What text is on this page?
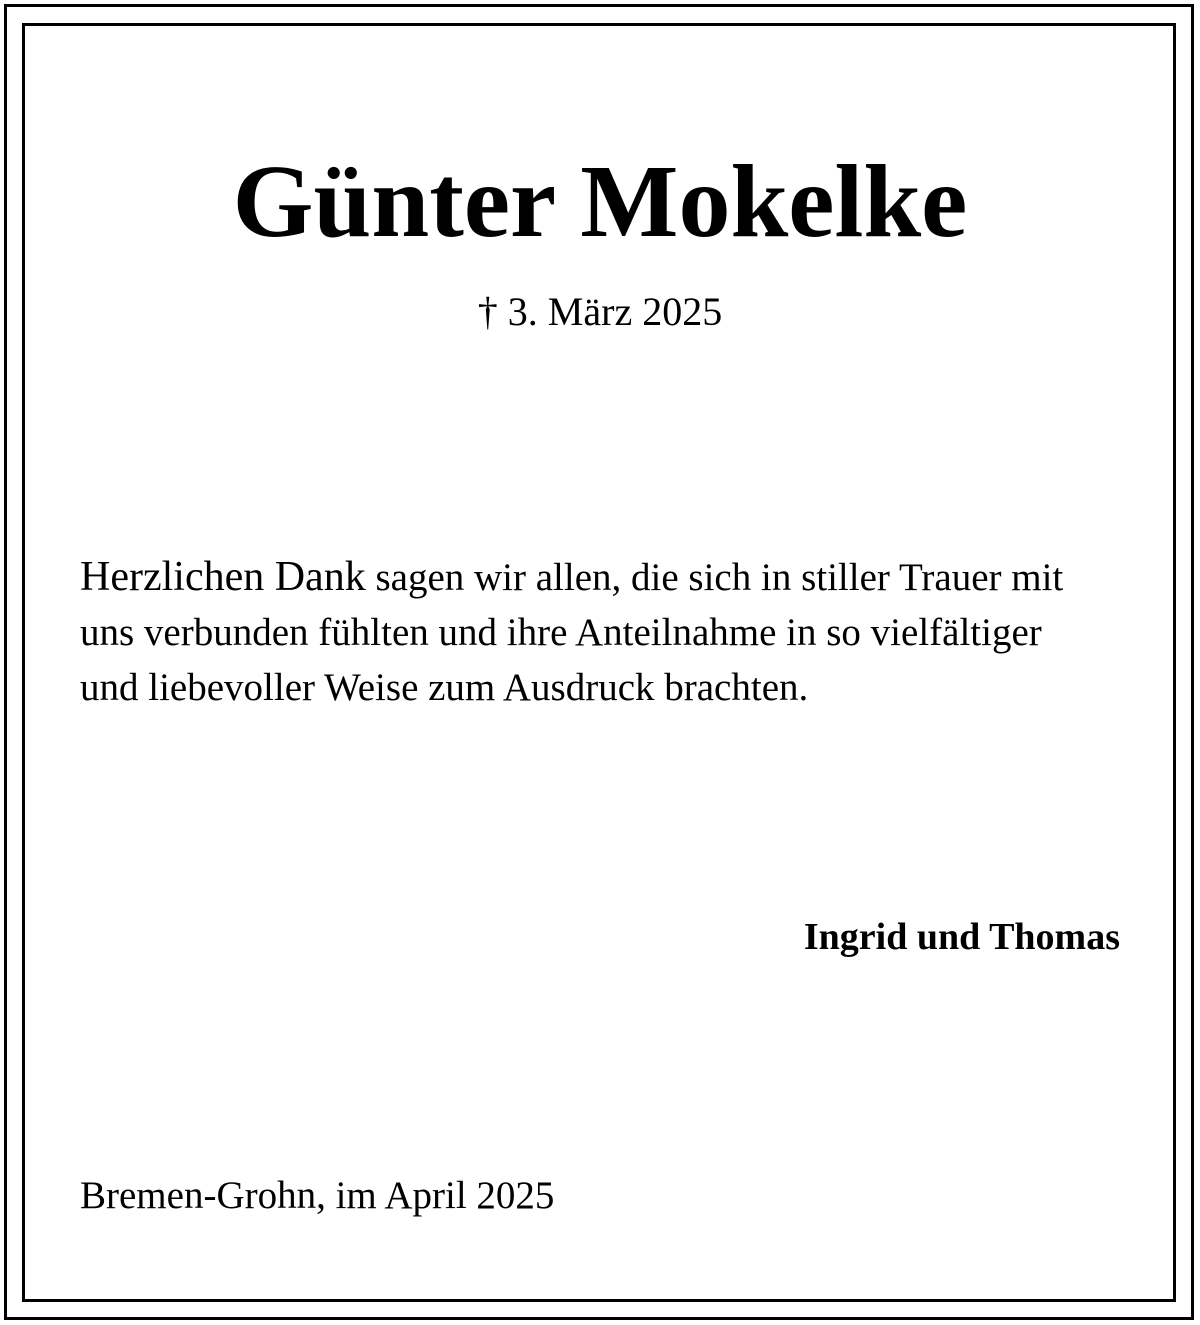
Günter Mokelke
† 3. März 2025
Herzlichen Dank sagen wir allen, die sich in stiller Trauer mit
uns verbunden fühlten und ihre Anteilnahme in so vielfältiger
und liebevoller Weise zum Ausdruck brachten.
Ingrid und Thomas
Bremen-Grohn, im April 2025
